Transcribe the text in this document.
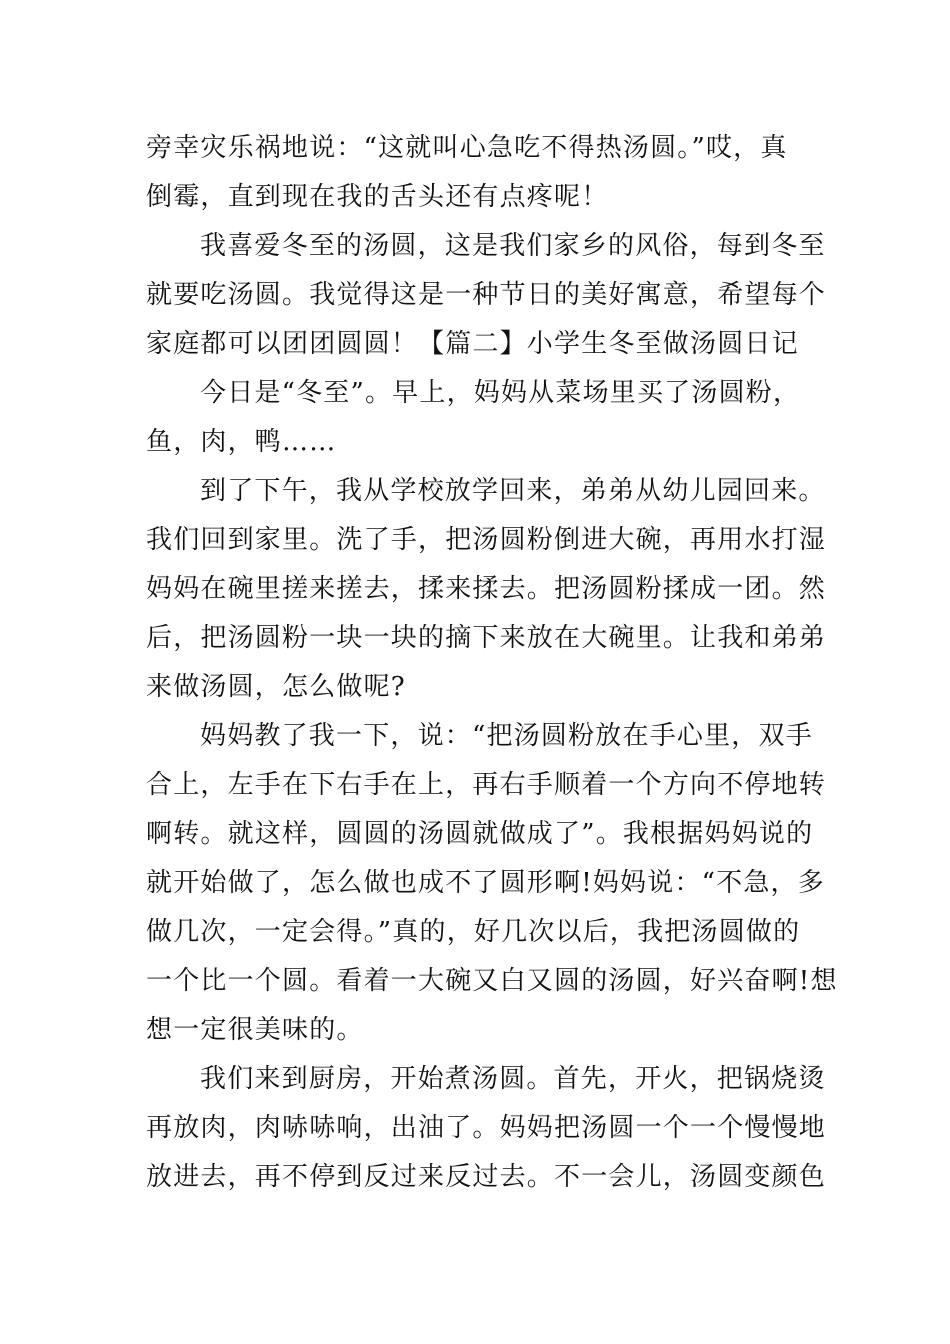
旁幸灾乐祸地说：“这就叫心急吃不得热汤圆。”哎，真
倒霉，直到现在我的舌头还有点疼呢！

我喜爱冬至的汤圆，这是我们家乡的风俗，每到冬至
就要吃汤圆。我觉得这是一种节日的美好寓意，希望每个
家庭都可以团团圆圆！【篇二】小学生冬至做汤圆日记

今日是“冬至”。早上，妈妈从菜场里买了汤圆粉，
鱼，肉，鸭……

到了下午，我从学校放学回来，弟弟从幼儿园回来。
我们回到家里。洗了手，把汤圆粉倒进大碗，再用水打湿
妈妈在碗里搓来搓去，揉来揉去。把汤圆粉揉成一团。然
后，把汤圆粉一块一块的摘下来放在大碗里。让我和弟弟
来做汤圆，怎么做呢?

妈妈教了我一下，说：“把汤圆粉放在手心里，双手
合上，左手在下右手在上，再右手顺着一个方向不停地转
啊转。就这样，圆圆的汤圆就做成了”。我根据妈妈说的
就开始做了，怎么做也成不了圆形啊!妈妈说：“不急，多
做几次，一定会得。”真的，好几次以后，我把汤圆做的
一个比一个圆。看着一大碗又白又圆的汤圆，好兴奋啊!想
想一定很美味的。

我们来到厨房，开始煮汤圆。首先，开火，把锅烧烫
再放肉，肉哧哧响，出油了。妈妈把汤圆一个一个慢慢地
放进去，再不停到反过来反过去。不一会儿，汤圆变颜色
